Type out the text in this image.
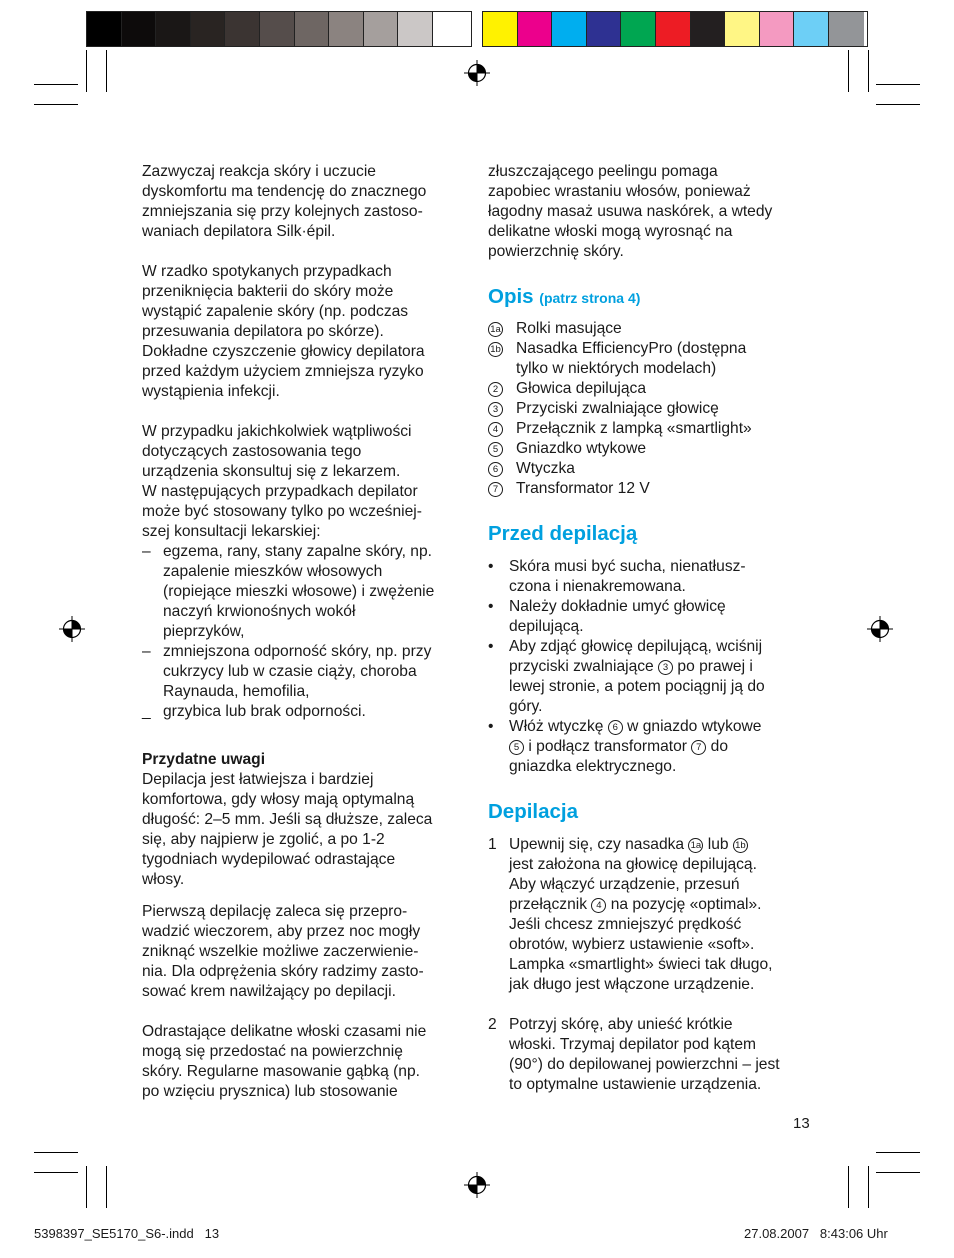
Zazwyczaj reakcja skóry i uczucie
dyskomfortu ma tendencję do znacznego
zmniejszania się przy kolejnych zastoso-
waniach depilatora Silk·épil.

W rzadko spotykanych przypadkach
przeniknięcia bakterii do skóry może
wystąpić zapalenie skóry (np. podczas
przesuwania depilatora po skórze).
Dokładne czyszczenie głowicy depilatora
przed każdym użyciem zmniejsza ryzyko
wystąpienia infekcji.

W przypadku jakichkolwiek wątpliwości
dotyczących zastosowania tego
urządzenia skonsultuj się z lekarzem.
W następujących przypadkach depilator
może być stosowany tylko po wcześniej-
szej konsultacji lekarskiej:

– egzema, rany, stany zapalne skóry, np.
zapalenie mieszków włosowych
(ropiejące mieszki włosowe) i zwężenie
naczyń krwionośnych wokół
pieprzyków,
– zmniejszona odporność skóry, np. przy
cukrzycy lub w czasie ciąży, choroba
Raynauda, hemofilia,
_ grzybica lub brak odporności.

Przydatne uwagi

Depilacja jest łatwiejsza i bardziej
komfortowa, gdy włosy mają optymalną
długość: 2–5 mm. Jeśli są dłuższe, zaleca
się, aby najpierw je zgolić, a po 1-2
tygodniach wydepilować odrastające
włosy.

Pierwszą depilację zaleca się przepro-
wadzić wieczorem, aby przez noc mogły
zniknąć wszelkie możliwe zaczerwienie-
nia. Dla odprężenia skóry radzimy zasto-
sować krem nawilżający po depilacji.

Odrastające delikatne włoski czasami nie
mogą się przedostać na powierzchnię
skóry. Regularne masowanie gąbką (np.
po wzięciu prysznica) lub stosowanie

złuszczającego peelingu pomaga
zapobiec wrastaniu włosów, ponieważ
łagodny masaż usuwa naskórek, a wtedy
delikatne włoski mogą wyrosnąć na
powierzchnię skóry.

Opis (patrz strona 4)

1a Rolki masujące
1b Nasadka EfficiencyPro (dostępna
tylko w niektórych modelach)
2	Głowica depilująca
3	Przyciski zwalniające głowicę
4	Przełącznik z lampką «smartlight»
5	Gniazdko wtykowe
6	Wtyczka
7	Transformator 12 V

Przed depilacją

• Skóra musi być sucha, nienatłusz-
czona i nienakremowana.
• Należy dokładnie umyć głowicę
depilującą.
• Aby zdjąć głowicę depilującą, wciśnij
przyciski zwalniające 3 po prawej i
lewej stronie, a potem pociągnij ją do
góry.
• Włóż wtyczkę 6 w gniazdo wtykowe
5 i podłącz transformator 7 do
gniazdka elektrycznego.

Depilacja

1 Upewnij się, czy nasadka 1a lub 1b
jest założona na głowicę depilującą.
Aby włączyć urządzenie, przesuń
przełącznik 4 na pozycję «optimal».
Jeśli chcesz zmniejszyć prędkość
obrotów, wybierz ustawienie «soft».
Lampka «smartlight» świeci tak długo,
jak długo jest włączone urządzenie.
2 Potrzyj skórę, aby unieść krótkie
włoski. Trzymaj depilator pod kątem
(90°) do depilowanej powierzchni – jest
to optymalne ustawienie urządzenia.
13
5398397_SE5170_S6-.indd   13	27.08.2007   8:43:06 Uhr
